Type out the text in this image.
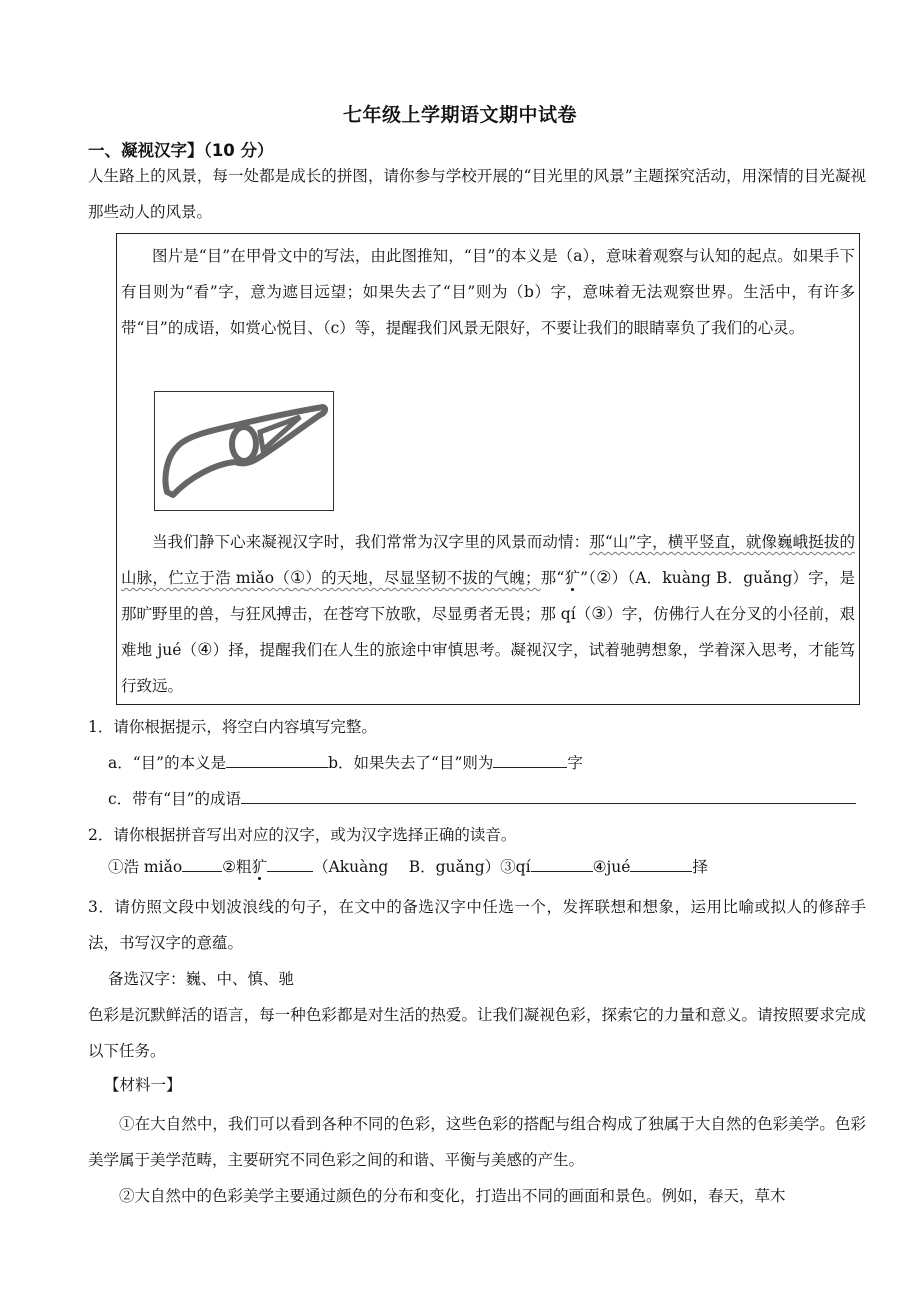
七年级上学期语文期中试卷
一、凝视汉字】（10 分）
人生路上的风景，每一处都是成长的拼图，请你参与学校开展的“目光里的风景”主题探究活动，用深情的目光凝视那些动人的风景。
图片是“目”在甲骨文中的写法，由此图推知，“目”的本义是（a），意味着观察与认知的起点。如果手下有目则为“看”字，意为遮目远望；如果失去了“目”则为（b）字，意味着无法观察世界。生活中，有许多带“目”的成语，如赏心悦目、（c）等，提醒我们风景无限好，不要让我们的眼睛辜负了我们的心灵。
当我们静下心来凝视汉字时，我们常常为汉字里的风景而动情：那“山”字，横平竖直，就像巍峨挺拔的山脉，伫立于浩 miǎo（①）的天地，尽显坚韧不拔的气魄；那“犷”（②）（A．kuàng B．guǎng）字，是那旷野里的兽，与狂风搏击，在苍穹下放歌，尽显勇者无畏；那 qí（③）字，仿佛行人在分叉的小径前，艰难地 jué（④）择，提醒我们在人生的旅途中审慎思考。凝视汉字，试着驰骋想象，学着深入思考，才能笃行致远。
1．请你根据提示，将空白内容填写完整。
a．“目”的本义是	b．如果失去了“目”则为	字
c．带有“目”的成语
2．请你根据拼音写出对应的汉字，或为汉字选择正确的读音。
①浩 miǎo	②粗犷	（Akuàng　 B．guǎng）③qí	④jué	择
3．请仿照文段中划波浪线的句子，在文中的备选汉字中任选一个，发挥联想和想象，运用比喻或拟人的修辞手法，书写汉字的意蕴。
备选汉字：巍、中、慎、驰
色彩是沉默鲜活的语言，每一种色彩都是对生活的热爱。让我们凝视色彩，探索它的力量和意义。请按照要求完成以下任务。
【材料一】
①在大自然中，我们可以看到各种不同的色彩，这些色彩的搭配与组合构成了独属于大自然的色彩美学。色彩美学属于美学范畴，主要研究不同色彩之间的和谐、平衡与美感的产生。
②大自然中的色彩美学主要通过颜色的分布和变化，打造出不同的画面和景色。例如，春天，草木
